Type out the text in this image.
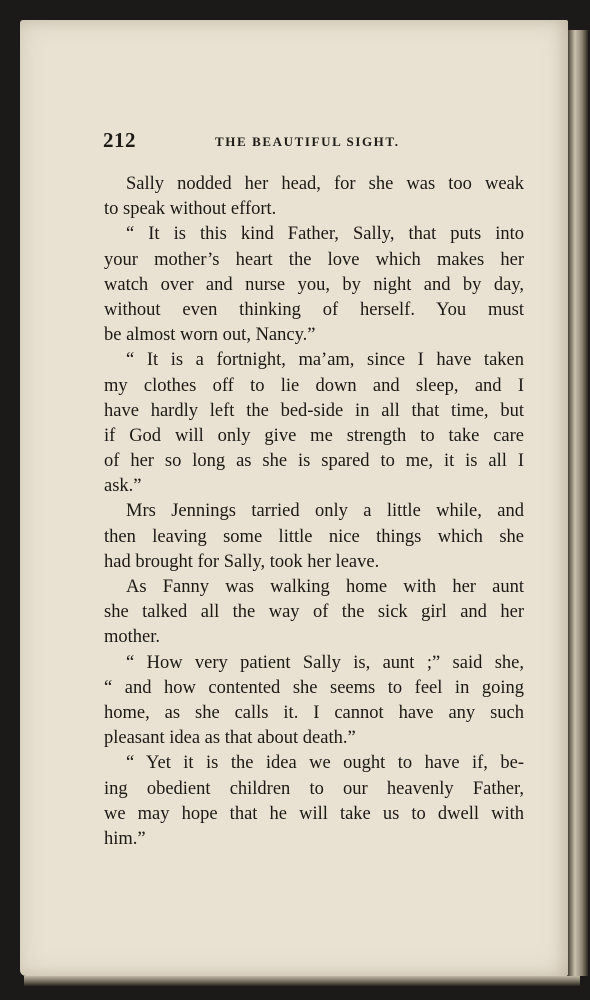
212	THE BEAUTIFUL SIGHT.
Sally nodded her head, for she was too weak
to speak without effort.
“ It is this kind Father, Sally, that puts into
your mother’s heart the love which makes her
watch over and nurse you, by night and by day,
without even thinking of herself. You must
be almost worn out, Nancy.”
“ It is a fortnight, ma’am, since I have taken
my clothes off to lie down and sleep, and I
have hardly left the bed-side in all that time, but
if God will only give me strength to take care
of her so long as she is spared to me, it is all I
ask.”
Mrs Jennings tarried only a little while, and
then leaving some little nice things which she
had brought for Sally, took her leave.
As Fanny was walking home with her aunt
she talked all the way of the sick girl and her
mother.
“ How very patient Sally is, aunt ;” said she,
“ and how contented she seems to feel in going
home, as she calls it. I cannot have any such
pleasant idea as that about death.”
“ Yet it is the idea we ought to have if, be-
ing obedient children to our heavenly Father,
we may hope that he will take us to dwell with
him.”
